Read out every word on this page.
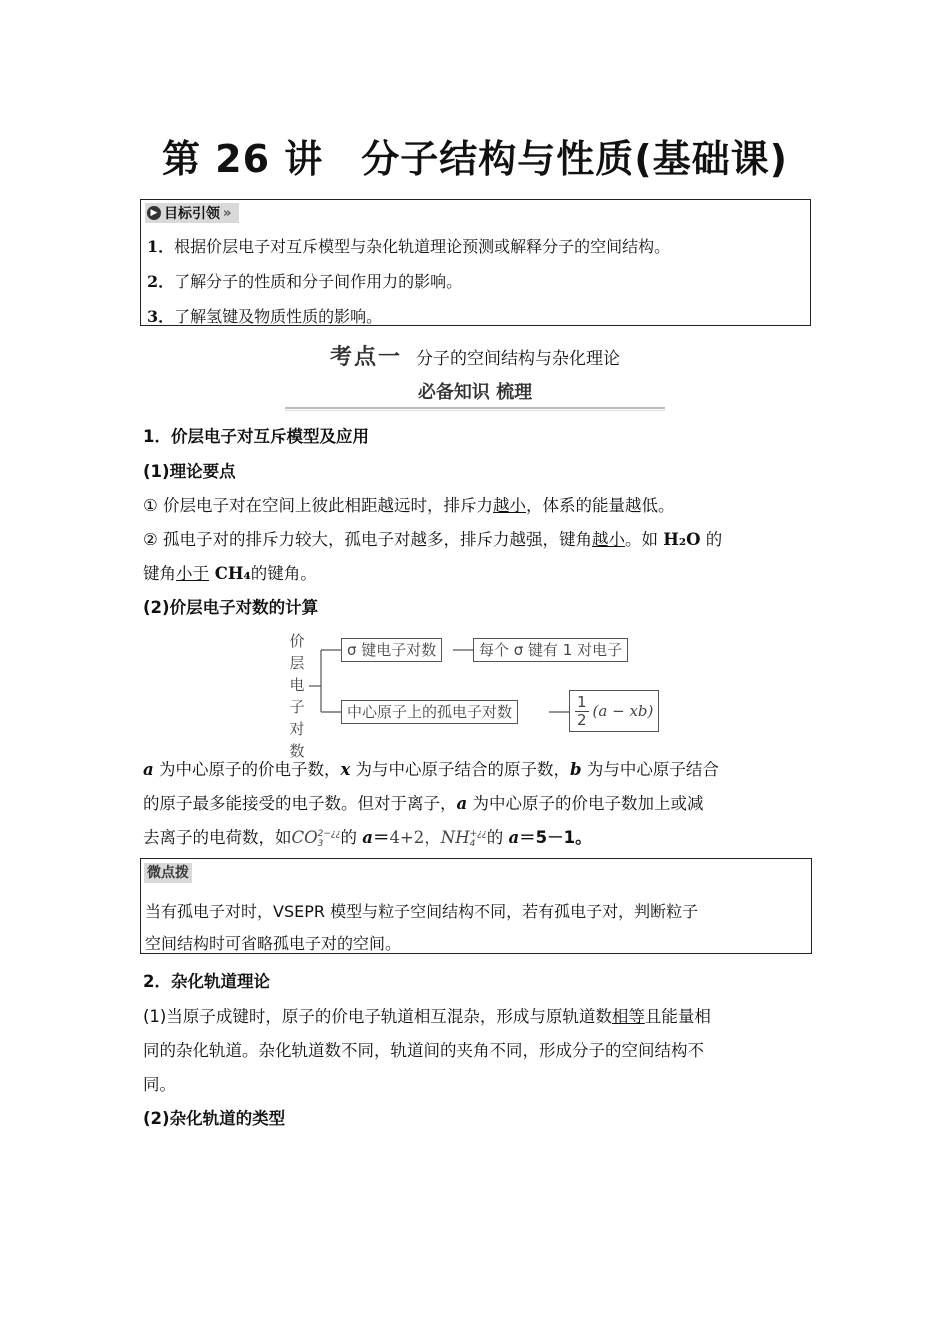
第 26 讲 分子结构与性质(基础课)
▶ 目标引领 »
1．根据价层电子对互斥模型与杂化轨道理论预测或解释分子的空间结构。
2．了解分子的性质和分子间作用力的影响。
3．了解氢键及物质性质的影响。
考点一 分子的空间结构与杂化理论
必备知识 梳理
1．价层电子对互斥模型及应用
(1)理论要点
① 价层电子对在空间上彼此相距越远时，排斥力越小，体系的能量越低。
② 孤电子对的排斥力较大，孤电子对越多，排斥力越强，键角越小。如 H₂O 的
键角小于 CH₄的键角。
(2)价层电子对数的计算
价
层
电
子
对
数
σ 键电子对数	每个 σ 键有 1 对电子
中心原子上的孤电子对数	$\frac{1}{2} (a - xb)$
a 为中心原子的价电子数，x 为与中心原子结合的原子数，b 为与中心原子结合
的原子最多能接受的电子数。但对于离子，a 为中心原子的价电子数加上或减
去离子的电荷数，如CO 2−¿¿
3	的 a＝4+2，NH +¿¿
4 的 a＝5－1。
微点拨
当有孤电子对时，VSEPR 模型与粒子空间结构不同，若有孤电子对，判断粒子
空间结构时可省略孤电子对的空间。
2．杂化轨道理论
(1)当原子成键时，原子的价电子轨道相互混杂，形成与原轨道数相等且能量相
同的杂化轨道。杂化轨道数不同，轨道间的夹角不同，形成分子的空间结构不
同。
(2)杂化轨道的类型
